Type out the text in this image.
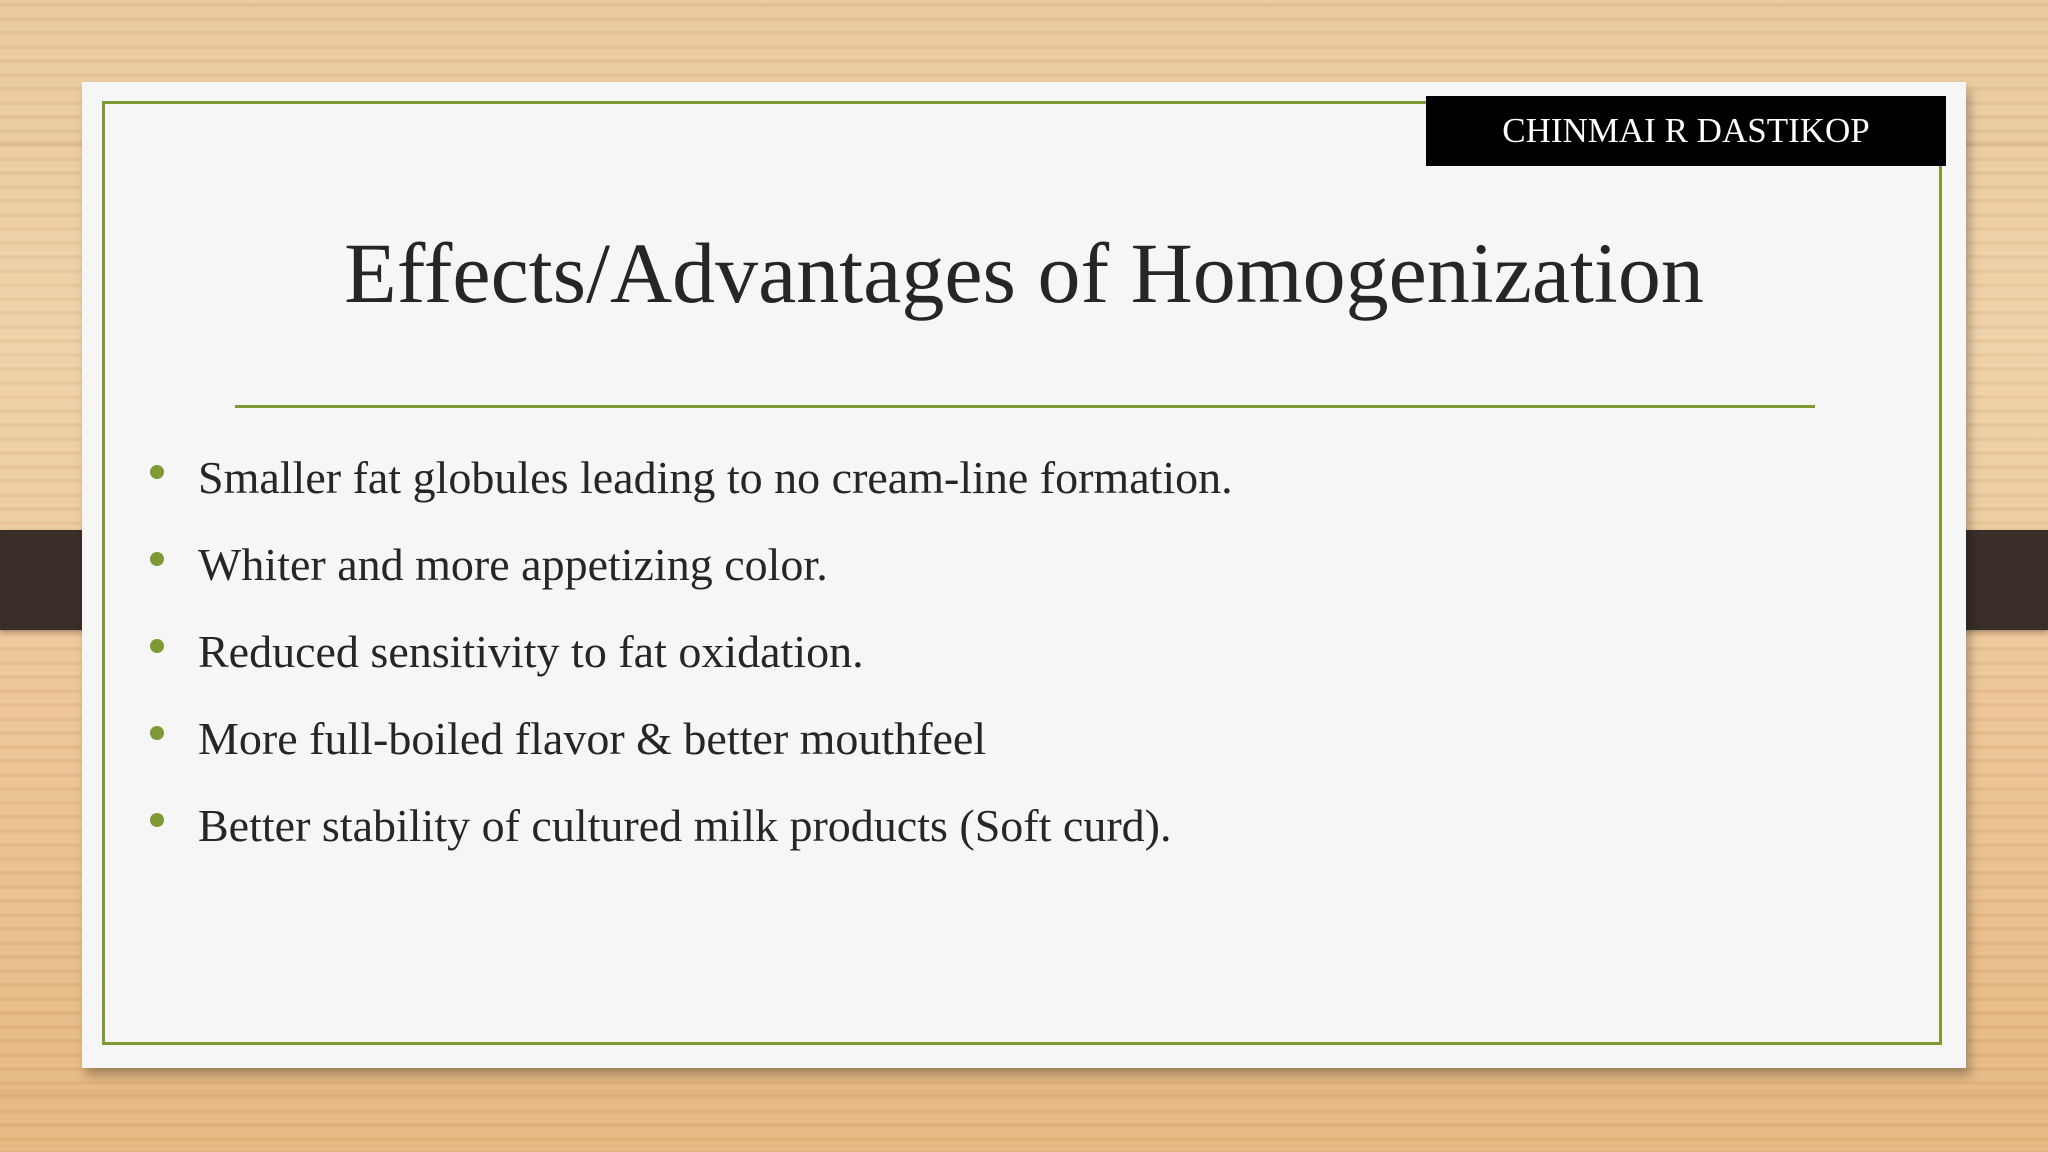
CHINMAI R DASTIKOP
Effects/Advantages of Homogenization
Smaller fat globules leading to no cream-line formation.
Whiter and more appetizing color.
Reduced sensitivity to fat oxidation.
More full-boiled flavor & better mouthfeel
Better stability of cultured milk products (Soft curd).
